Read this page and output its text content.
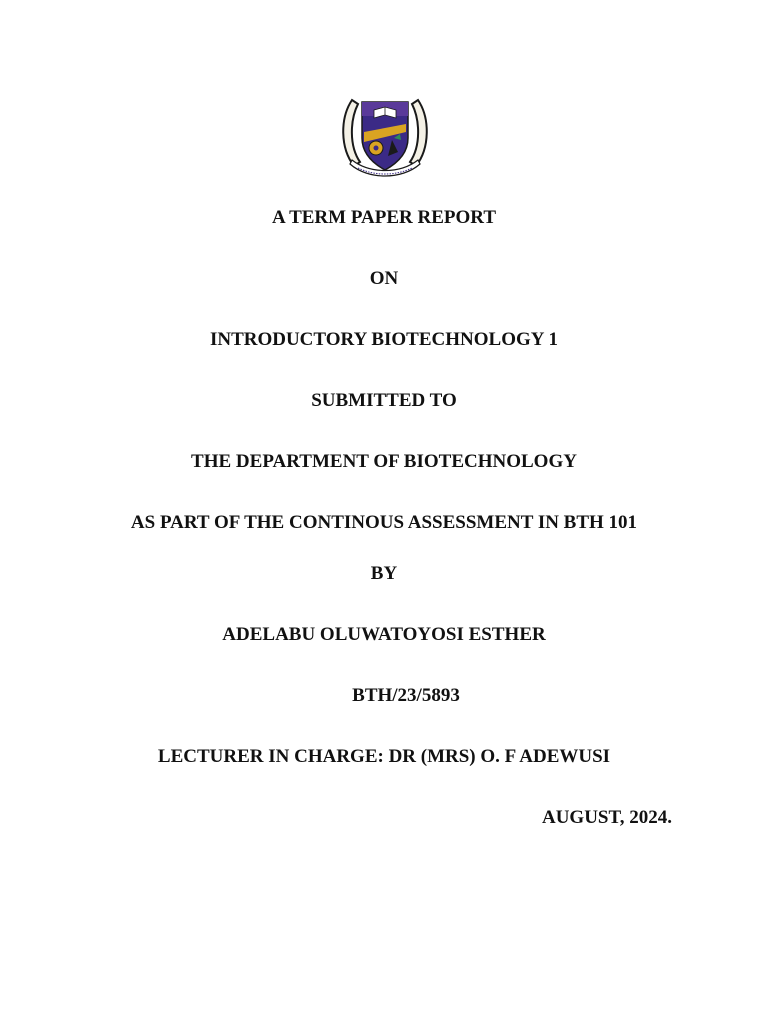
A TERM PAPER REPORT
ON
INTRODUCTORY BIOTECHNOLOGY 1
SUBMITTED TO
THE DEPARTMENT OF BIOTECHNOLOGY
AS PART OF THE CONTINOUS ASSESSMENT IN BTH 101
BY
ADELABU OLUWATOYOSI ESTHER
BTH/23/5893
LECTURER IN CHARGE: DR (MRS) O. F ADEWUSI
AUGUST, 2024.
